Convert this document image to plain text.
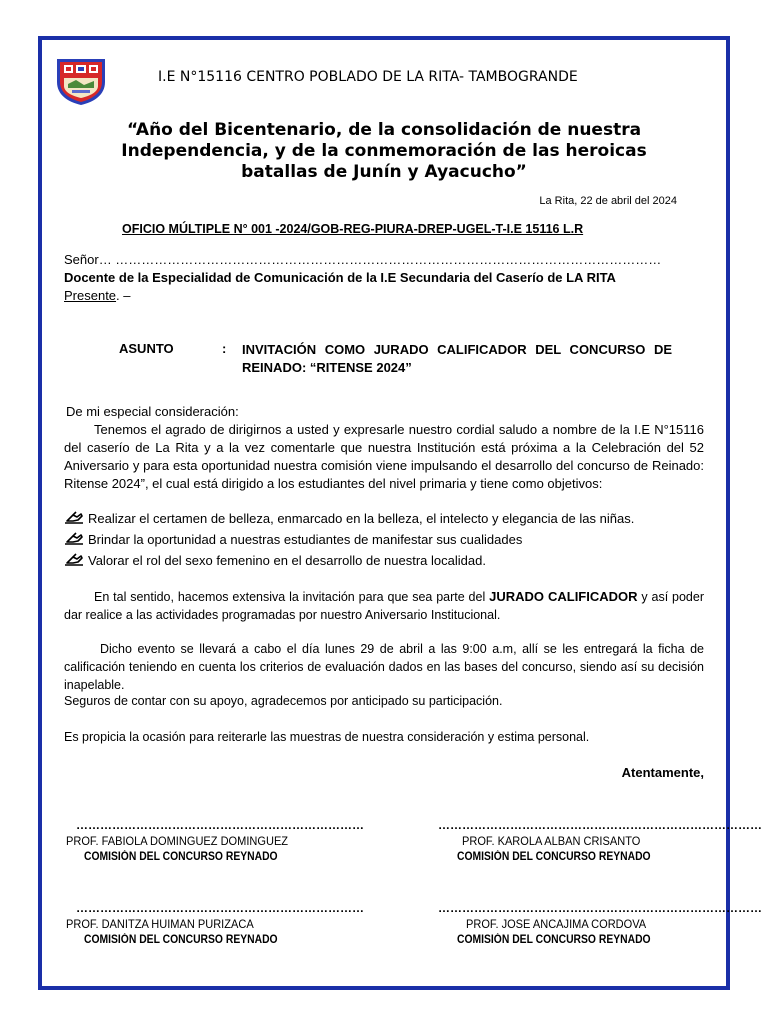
I.E N°15116 CENTRO POBLADO DE LA RITA- TAMBOGRANDE
“Año del Bicentenario, de la consolidación de nuestra Independencia, y de la conmemoración de las heroicas batallas de Junín y Ayacucho”
La Rita, 22 de abril del 2024
OFICIO MÚLTIPLE N° 001 -2024/GOB-REG-PIURA-DREP-UGEL-T-I.E 15116 L.R
Señor… ………………………………………………………………………………………………………………
Docente de la Especialidad de Comunicación de la I.E Secundaria del Caserío de LA RITA
Presente. –
ASUNTO	: INVITACIÓN COMO JURADO CALIFICADOR DEL CONCURSO DE REINADO: “RITENSE 2024”
De mi especial consideración:
Tenemos el agrado de dirigirnos a usted y expresarle nuestro cordial saludo a nombre de la I.E N°15116 del caserío de La Rita y a la vez comentarle que nuestra Institución está próxima a la Celebración del 52 Aniversario y para esta oportunidad nuestra comisión viene impulsando el desarrollo del concurso de Reinado: Ritense 2024”, el cual está dirigido a los estudiantes del nivel primaria y tiene como objetivos:
Realizar el certamen de belleza, enmarcado en la belleza, el intelecto y elegancia de las niñas.
Brindar la oportunidad a nuestras estudiantes de manifestar sus cualidades
Valorar el rol del sexo femenino en el desarrollo de nuestra localidad.
En tal sentido, hacemos extensiva la invitación para que sea parte del JURADO CALIFICADOR y así poder dar realice a las actividades programadas por nuestro Aniversario Institucional.
Dicho evento se llevará a cabo el día lunes 29 de abril a las 9:00 a.m, allí se les entregará la ficha de calificación teniendo en cuenta los criterios de evaluación dados en las bases del concurso, siendo así su decisión inapelable.
Seguros de contar con su apoyo, agradecemos por anticipado su participación.
Es propicia la ocasión para reiterarle las muestras de nuestra consideración y estima personal.
Atentamente,
………………………………………………………………
PROF. FABIOLA DOMINGUEZ DOMINGUEZ
COMISIÓN DEL CONCURSO REYNADO
………………………………………………………………………
PROF. KAROLA ALBAN CRISANTO
COMISIÓN DEL CONCURSO REYNADO
………………………………………………………………
PROF. DANITZA HUIMAN PURIZACA
COMISIÓN DEL CONCURSO REYNADO
………………………………………………………………………
PROF. JOSE ANCAJIMA CORDOVA
COMISIÓN DEL CONCURSO REYNADO
